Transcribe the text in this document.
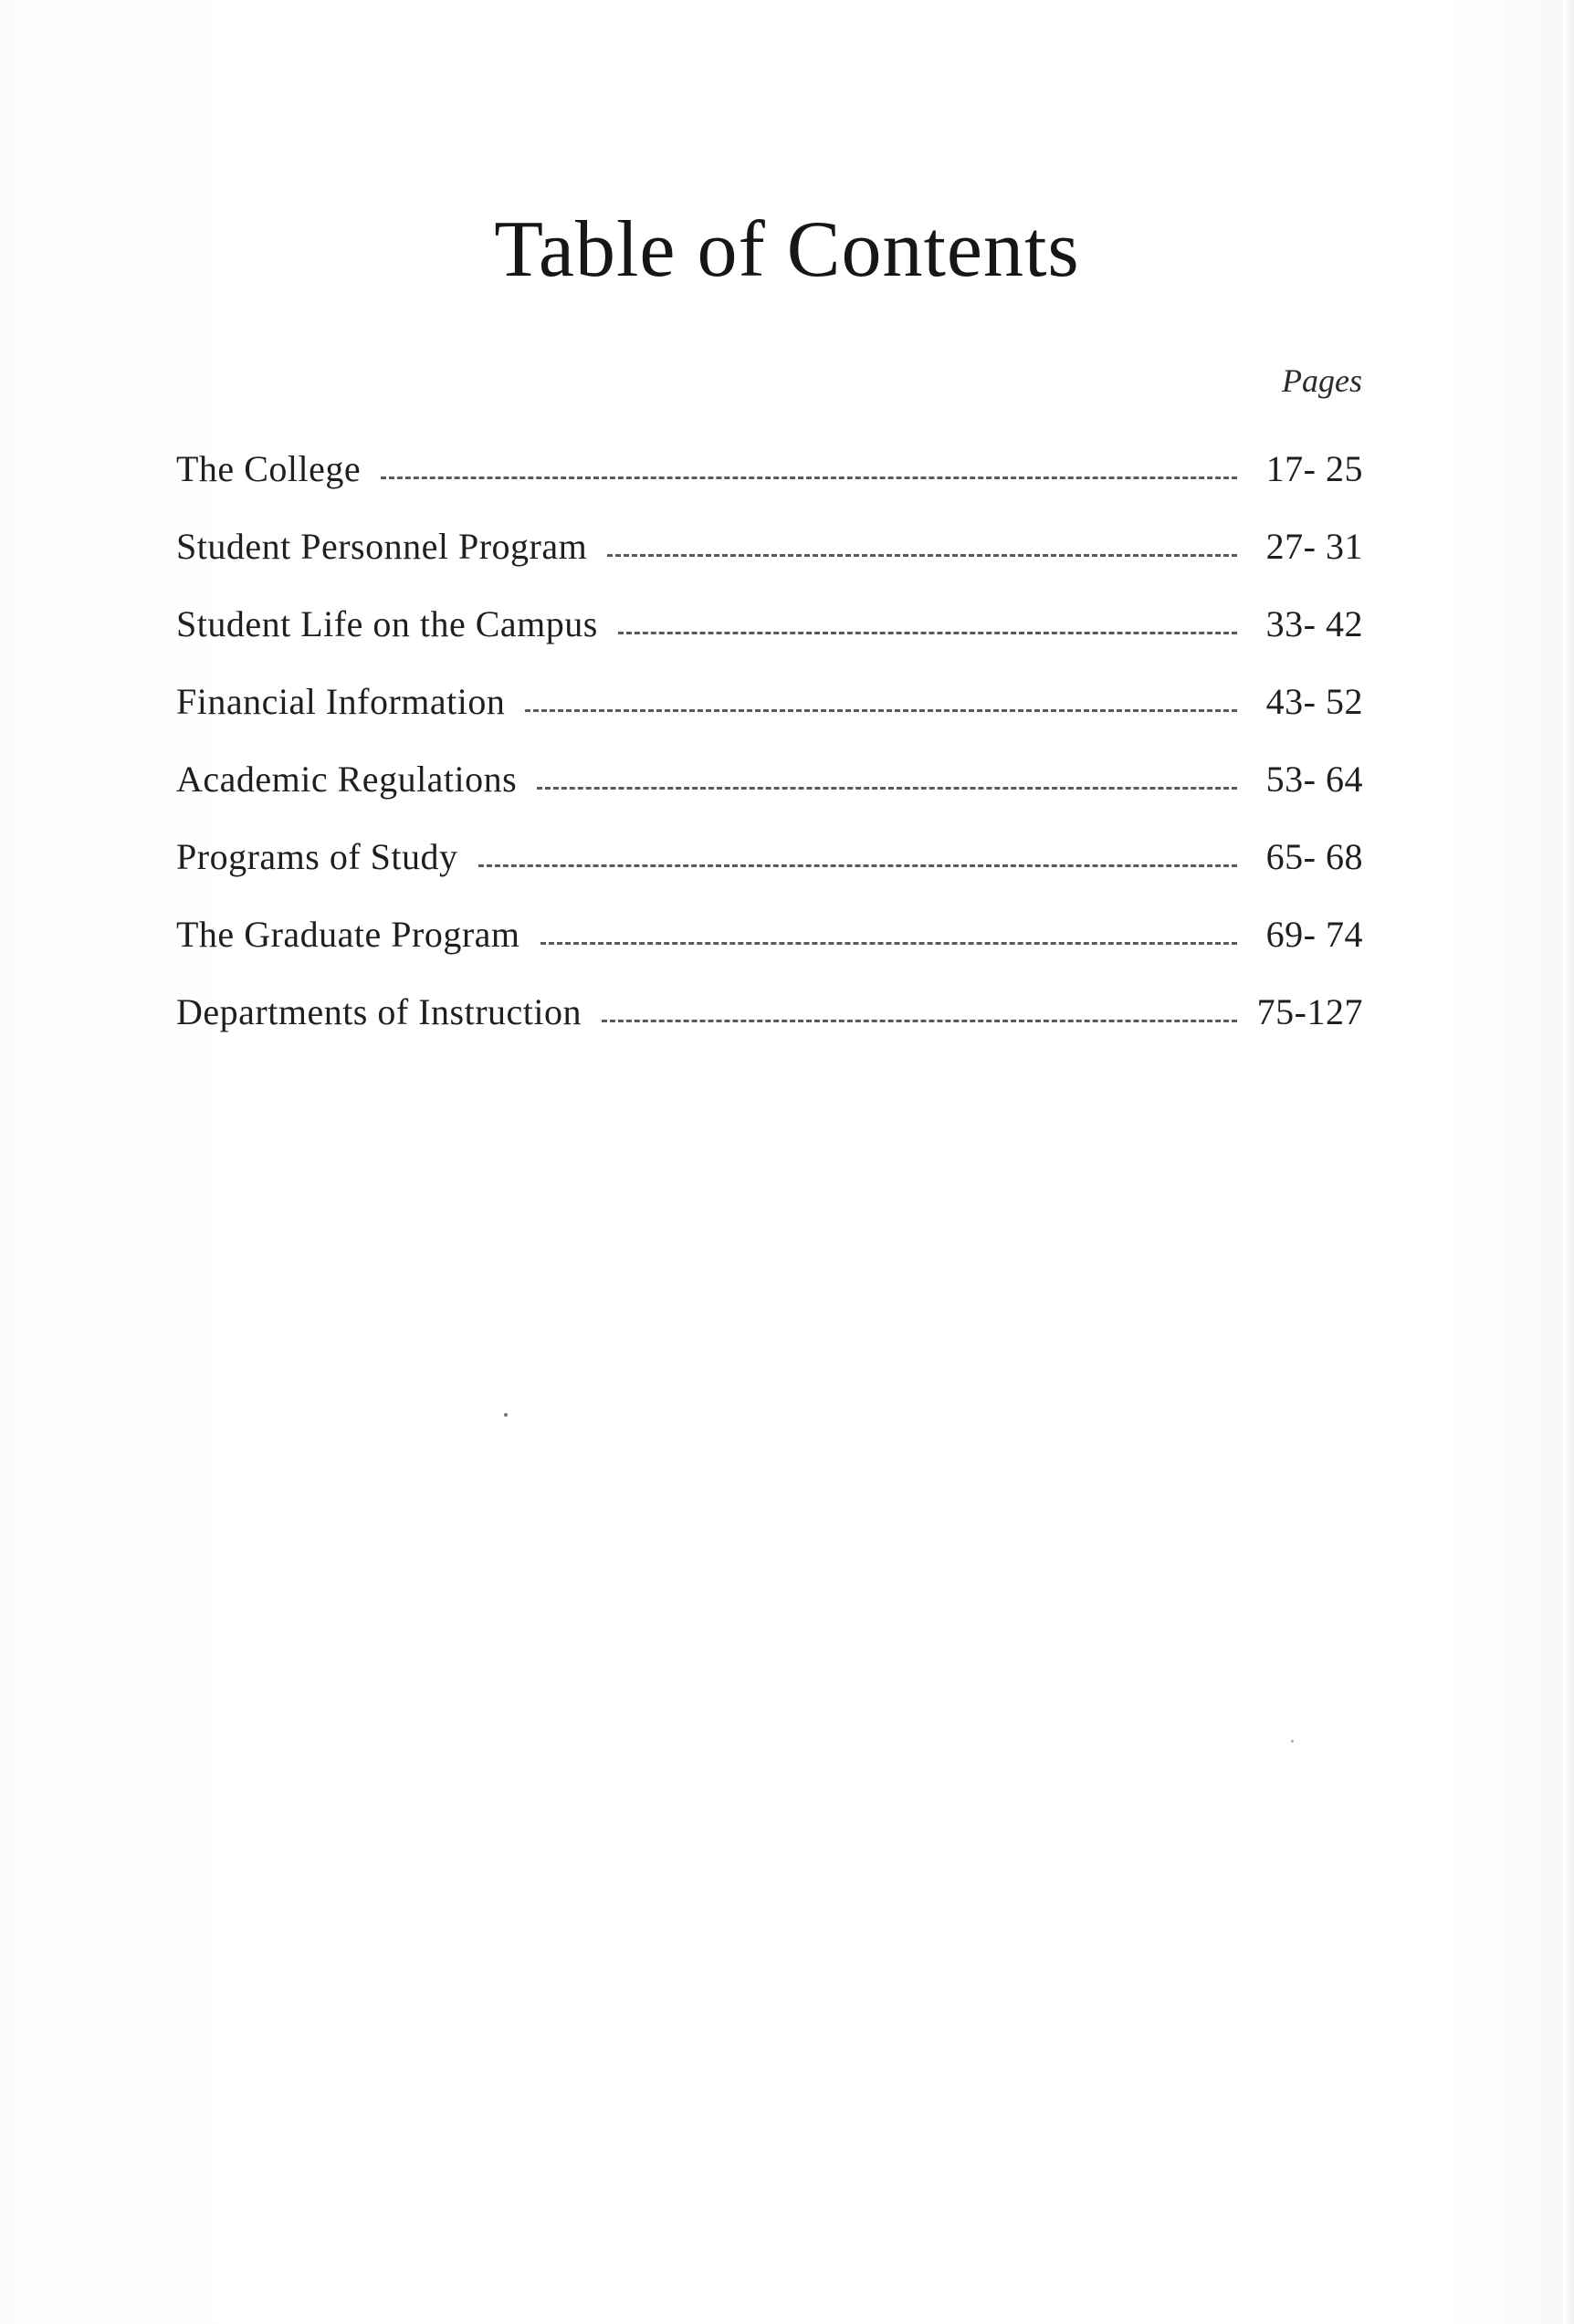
Table of Contents
Pages
The College	17- 25
Student Personnel Program	27- 31
Student Life on the Campus	33- 42
Financial Information	43- 52
Academic Regulations	53- 64
Programs of Study	65- 68
The Graduate Program	69- 74
Departments of Instruction	75-127
